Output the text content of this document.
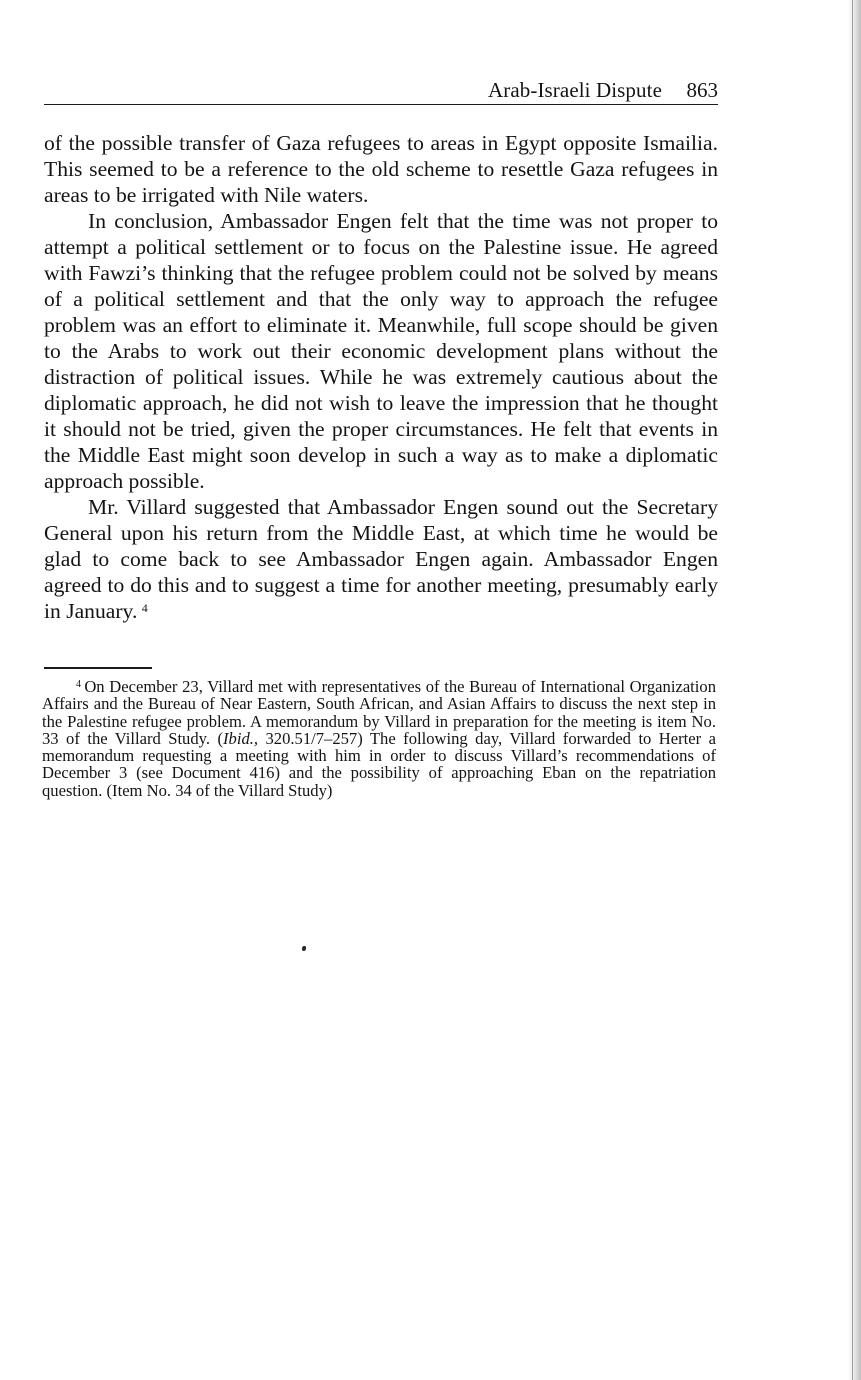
Arab-Israeli Dispute 863

of the possible transfer of Gaza refugees to areas in Egypt opposite Ismailia. This seemed to be a reference to the old scheme to resettle Gaza refugees in areas to be irrigated with Nile waters.

In conclusion, Ambassador Engen felt that the time was not proper to attempt a political settlement or to focus on the Palestine issue. He agreed with Fawzi’s thinking that the refugee problem could not be solved by means of a political settlement and that the only way to approach the refugee problem was an effort to eliminate it. Meanwhile, full scope should be given to the Arabs to work out their economic development plans without the distraction of political issues. While he was extremely cautious about the diplomatic approach, he did not wish to leave the impression that he thought it should not be tried, given the proper circumstances. He felt that events in the Middle East might soon develop in such a way as to make a diplomatic approach possible.

Mr. Villard suggested that Ambassador Engen sound out the Secretary General upon his return from the Middle East, at which time he would be glad to come back to see Ambassador Engen again. Ambassador Engen agreed to do this and to suggest a time for another meeting, presumably early in January.  $^4$

$^4$  On December 23, Villard met with representatives of the Bureau of International Organization Affairs and the Bureau of Near Eastern, South African, and Asian Affairs to discuss the next step in the Palestine refugee problem. A memorandum by Villard in preparation for the meeting is item No. 33 of the Villard Study. (Ibid., 320.51/7–257) The following day, Villard forwarded to Herter a memorandum requesting a meeting with him in order to discuss Villard’s recommendations of December 3 (see Document 416) and the possibility of approaching Eban on the repatriation question. (Item No. 34 of the Villard Study)
